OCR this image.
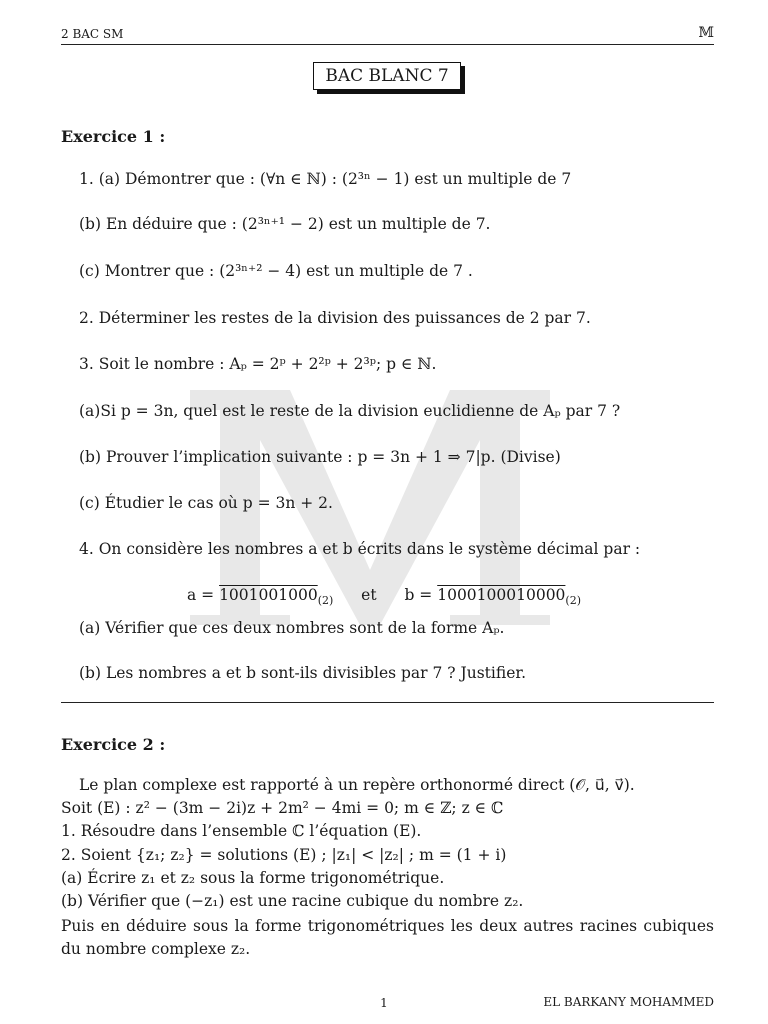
2 BAC SM	𝕄
BAC BLANC 7
Exercice 1 :
1. (a) Démontrer que : (∀n ∈ ℕ) : (2³ⁿ − 1) est un multiple de 7
(b) En déduire que : (2³ⁿ⁺¹ − 2) est un multiple de 7.
(c) Montrer que : (2³ⁿ⁺² − 4) est un multiple de 7 .
2. Déterminer les restes de la division des puissances de 2 par 7.
3. Soit le nombre : Aₚ = 2ᵖ + 2²ᵖ + 2³ᵖ; p ∈ ℕ.
(a)Si p = 3n, quel est le reste de la division euclidienne de Aₚ par 7 ?
(b) Prouver l’implication suivante : p = 3n + 1 ⇒ 7|p. (Divise)
(c) Étudier le cas où p = 3n + 2.
4. On considère les nombres a et b écrits dans le système décimal par :
$a = 1001001000_{(2)}$ et $b = 1000100010000_{(2)}$
(a) Vérifier que ces deux nombres sont de la forme Aₚ.
(b) Les nombres a et b sont-ils divisibles par 7 ? Justifier.
Exercice 2 :
Le plan complexe est rapporté à un repère orthonormé direct (𝒪, u⃗, v⃗).
Soit (E) : z² − (3m − 2i)z + 2m² − 4mi = 0; m ∈ ℤ; z ∈ ℂ
1. Résoudre dans l’ensemble ℂ l’équation (E).
2. Soient {z₁; z₂} = solutions (E) ; |z₁| < |z₂| ; m = (1 + i)
(a) Écrire z₁ et z₂ sous la forme trigonométrique.
(b) Vérifier que (−z₁) est une racine cubique du nombre z₂.
Puis en déduire sous la forme trigonométriques les deux autres racines cubiques du nombre complexe z₂.
1	EL BARKANY MOHAMMED
